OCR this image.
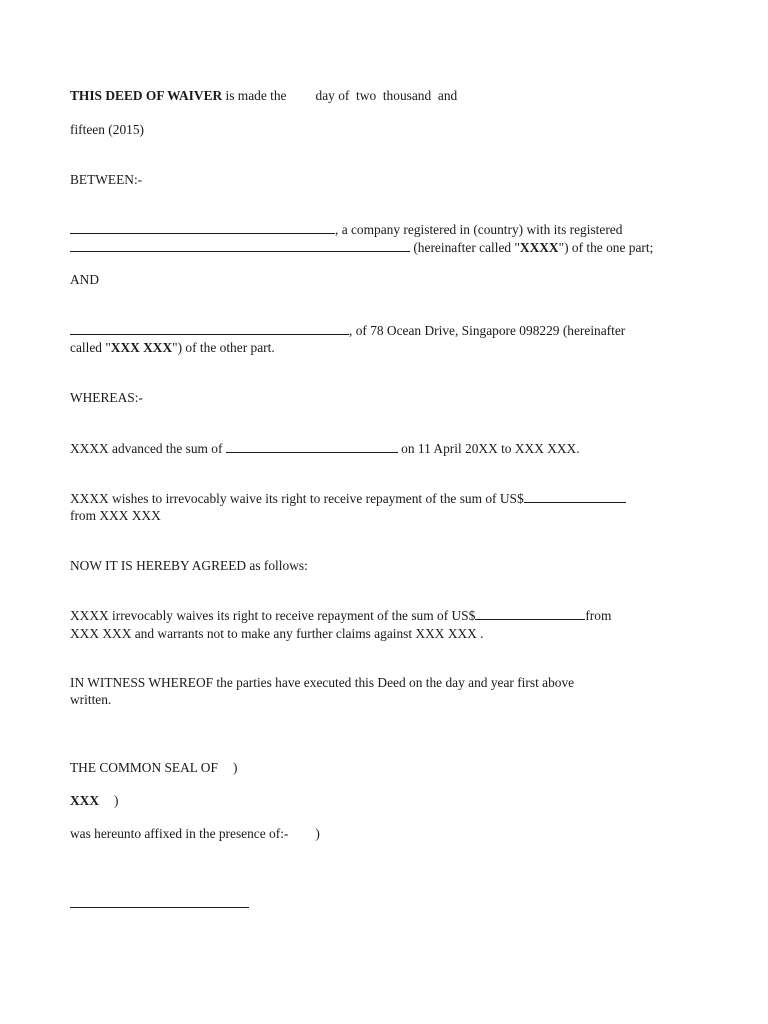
THIS DEED OF WAIVER is made the day of  two  thousand  and
fifteen (2015)
BETWEEN:-
, a company registered in (country) with its registered
(hereinafter called "XXXX") of the one part;
AND
, of 78 Ocean Drive, Singapore 098229 (hereinafter
called "XXX XXX") of the other part.
WHEREAS:-
XXXX advanced the sum of	on 11 April 20XX to XXX XXX.
XXXX wishes to irrevocably waive its right to receive repayment of the sum of US$
from XXX XXX
NOW IT IS HEREBY AGREED as follows:
XXXX irrevocably waives its right to receive repayment of the sum of US$	from
XXX XXX and warrants not to make any further claims against XXX XXX .
IN WITNESS WHEREOF the parties have executed this Deed on the day and year first above
written.
THE COMMON SEAL OF )
XXX )
was hereunto affixed in the presence of:- )
